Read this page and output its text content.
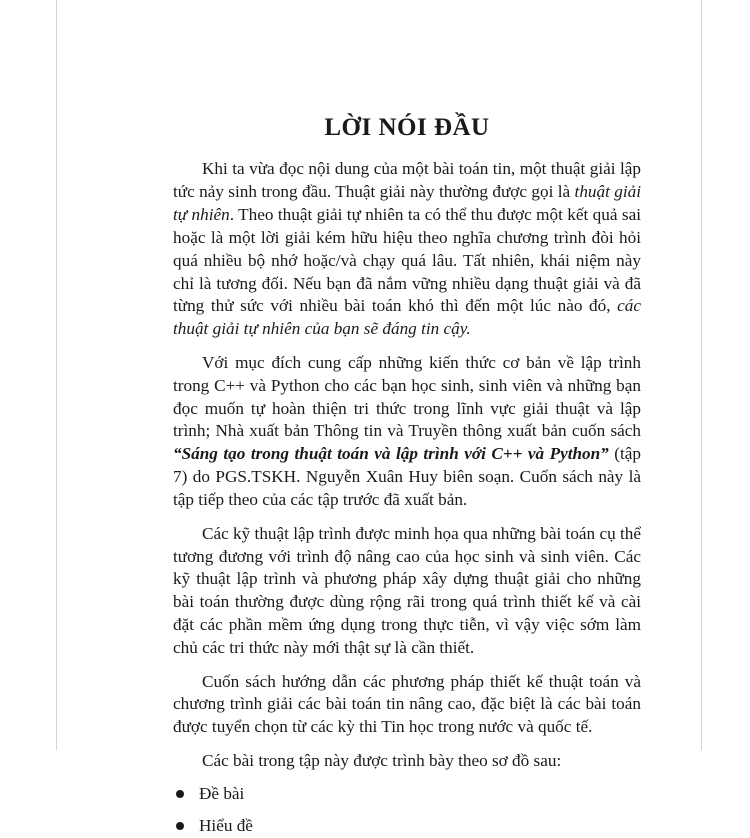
LỜI NÓI ĐẦU

Khi ta vừa đọc nội dung của một bài toán tin, một thuật giải lập tức nảy sinh trong đầu. Thuật giải này thường được gọi là thuật giải tự nhiên. Theo thuật giải tự nhiên ta có thể thu được một kết quả sai hoặc là một lời giải kém hữu hiệu theo nghĩa chương trình đòi hỏi quá nhiều bộ nhớ hoặc/và chạy quá lâu. Tất nhiên, khái niệm này chỉ là tương đối. Nếu bạn đã nắm vững nhiều dạng thuật giải và đã từng thử sức với nhiều bài toán khó thì đến một lúc nào đó, các thuật giải tự nhiên của bạn sẽ đáng tin cậy.

Với mục đích cung cấp những kiến thức cơ bản về lập trình trong C++ và Python cho các bạn học sinh, sinh viên và những bạn đọc muốn tự hoàn thiện tri thức trong lĩnh vực giải thuật và lập trình; Nhà xuất bản Thông tin và Truyền thông xuất bản cuốn sách “Sáng tạo trong thuật toán và lập trình với C++ và Python” (tập 7) do PGS.TSKH. Nguyễn Xuân Huy biên soạn. Cuốn sách này là tập tiếp theo của các tập trước đã xuất bản.

Các kỹ thuật lập trình được minh họa qua những bài toán cụ thể tương đương với trình độ nâng cao của học sinh và sinh viên. Các kỹ thuật lập trình và phương pháp xây dựng thuật giải cho những bài toán thường được dùng rộng rãi trong quá trình thiết kế và cài đặt các phần mềm ứng dụng trong thực tiễn, vì vậy việc sớm làm chủ các tri thức này mới thật sự là cần thiết.

Cuốn sách hướng dẫn các phương pháp thiết kế thuật toán và chương trình giải các bài toán tin nâng cao, đặc biệt là các bài toán được tuyển chọn từ các kỳ thi Tin học trong nước và quốc tế.

Các bài trong tập này được trình bày theo sơ đồ sau:

Đề bài
Hiểu đề
